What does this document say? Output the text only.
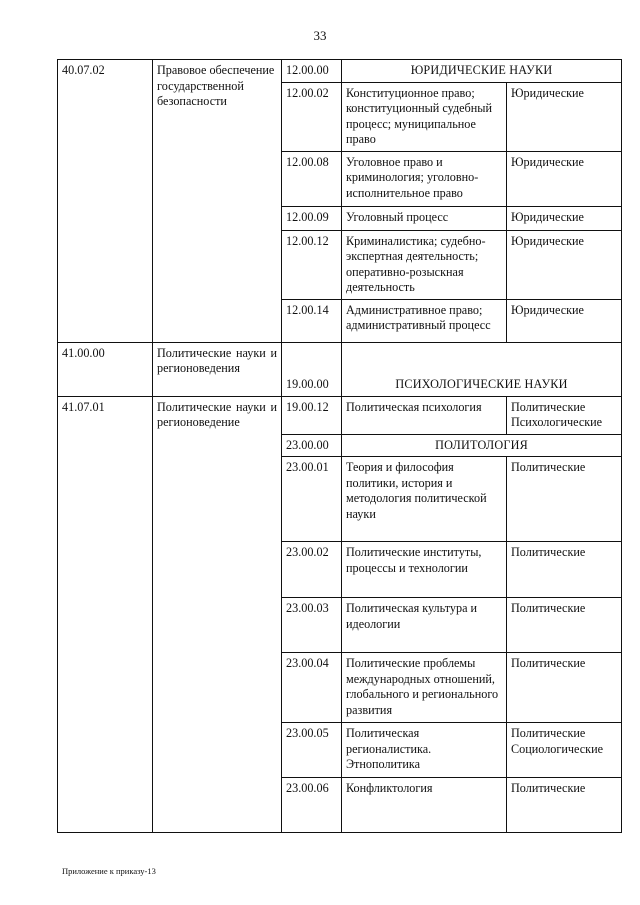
33
40.07.02	Правовое обеспечение государственной безопасности	12.00.00	ЮРИДИЧЕСКИЕ НАУКИ	
		12.00.02	Конституционное право; конституционный судебный процесс; муниципальное право	Юридические
		12.00.08	Уголовное право и криминология; уголовно-исполнительное право	Юридические
		12.00.09	Уголовный процесс	Юридические
		12.00.12	Криминалистика; судебно-экспертная деятельность; оперативно-розыскная деятельность	Юридические
		12.00.14	Административное право; административный процесс	Юридические
41.00.00	Политические науки и регионоведения	19.00.00	ПСИХОЛОГИЧЕСКИЕ НАУКИ	
41.07.01	Политические науки и регионоведение	19.00.12	Политическая психология	Политические Психологические
		23.00.00	ПОЛИТОЛОГИЯ	
		23.00.01	Теория и философия политики, история и методология политической науки	Политические
		23.00.02	Политические институты, процессы и технологии	Политические
		23.00.03	Политическая культура и идеологии	Политические
		23.00.04	Политические проблемы международных отношений, глобального и регионального развития	Политические
		23.00.05	Политическая регионалистика. Этнополитика	Политические Социологические
		23.00.06	Конфликтология	Политические
Приложение к приказу-13
